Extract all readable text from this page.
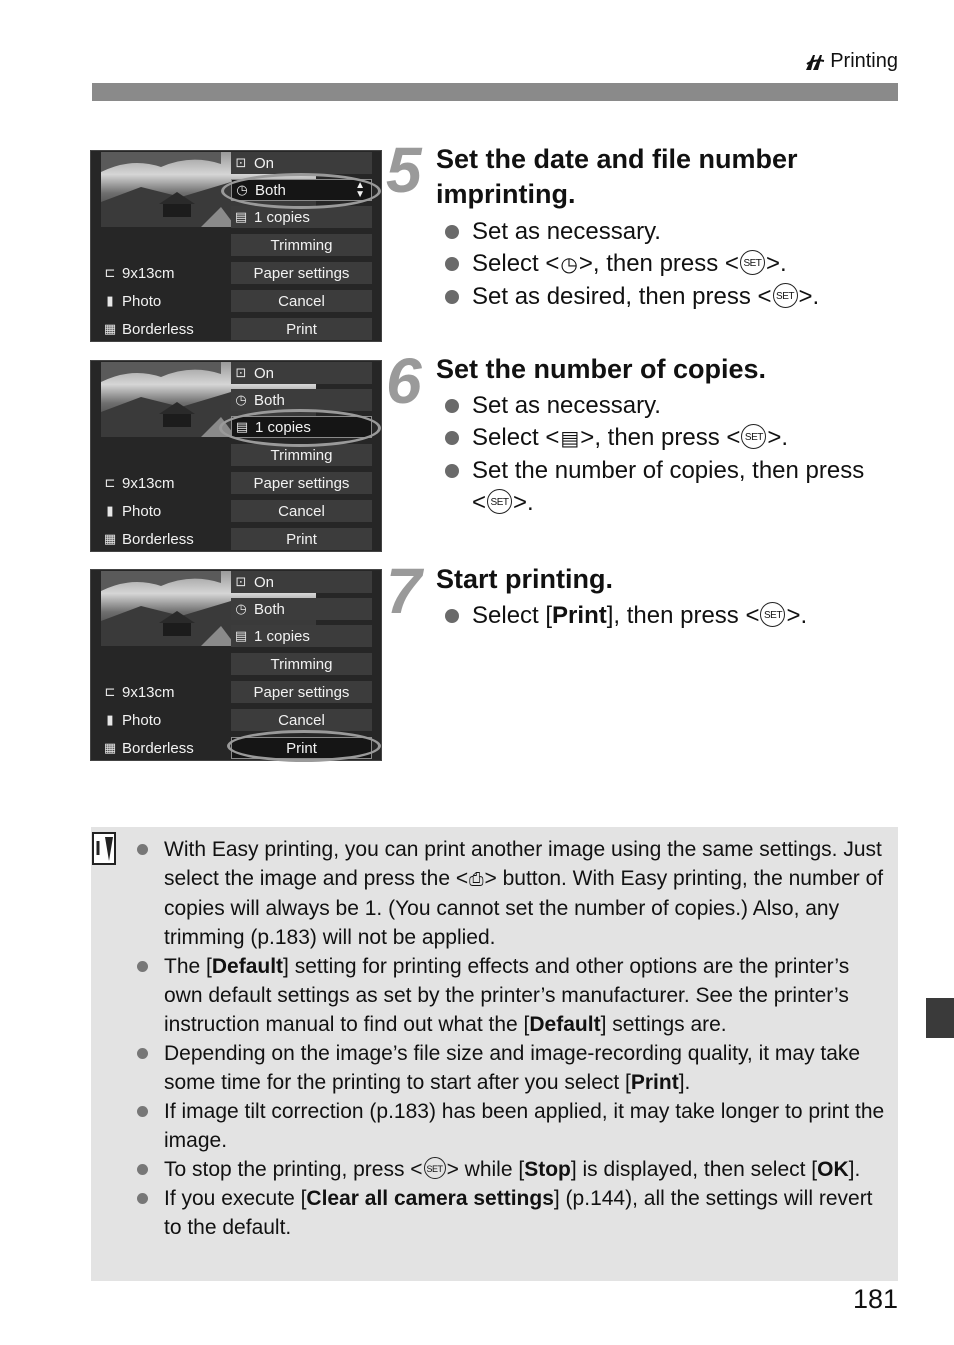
Printing
⊡ On
◷ Both	▲
▼
▤ 1 copies
Trimming
Paper settings
Cancel
Print
⊏ 9x13cm
▮ Photo
▦ Borderless
⊡ On
◷ Both
▤ 1 copies
Trimming
Paper settings
Cancel
Print
⊏ 9x13cm
▮ Photo
▦ Borderless
⊡ On
◷ Both
▤ 1 copies
Trimming
Paper settings
Cancel
Print
⊏ 9x13cm
▮ Photo
▦ Borderless
5 Set the date and file number
imprinting.
Set as necessary.
Select <◷>, then press < SET >.
Set as desired, then press < SET >.
6 Set the number of copies.
Set as necessary.
Select <▤>, then press < SET >.
Set the number of copies, then press
< SET >.
7 Start printing.
Select [Print], then press < SET >.
With Easy printing, you can print another image using the same settings. Just select the image and press the <⎙> button. With Easy printing, the number of copies will always be 1. (You cannot set the number of copies.) Also, any trimming (p.183) will not be applied.
The [Default] setting for printing effects and other options are the printer’s own default settings as set by the printer’s manufacturer. See the printer’s instruction manual to find out what the [Default] settings are.
Depending on the image’s file size and image-recording quality, it may take some time for the printing to start after you select [Print].
If image tilt correction (p.183) has been applied, it may take longer to print the image.
To stop the printing, press < SET > while [Stop] is displayed, then select [OK].
If you execute [Clear all camera settings] (p.144), all the settings will revert to the default.
181
